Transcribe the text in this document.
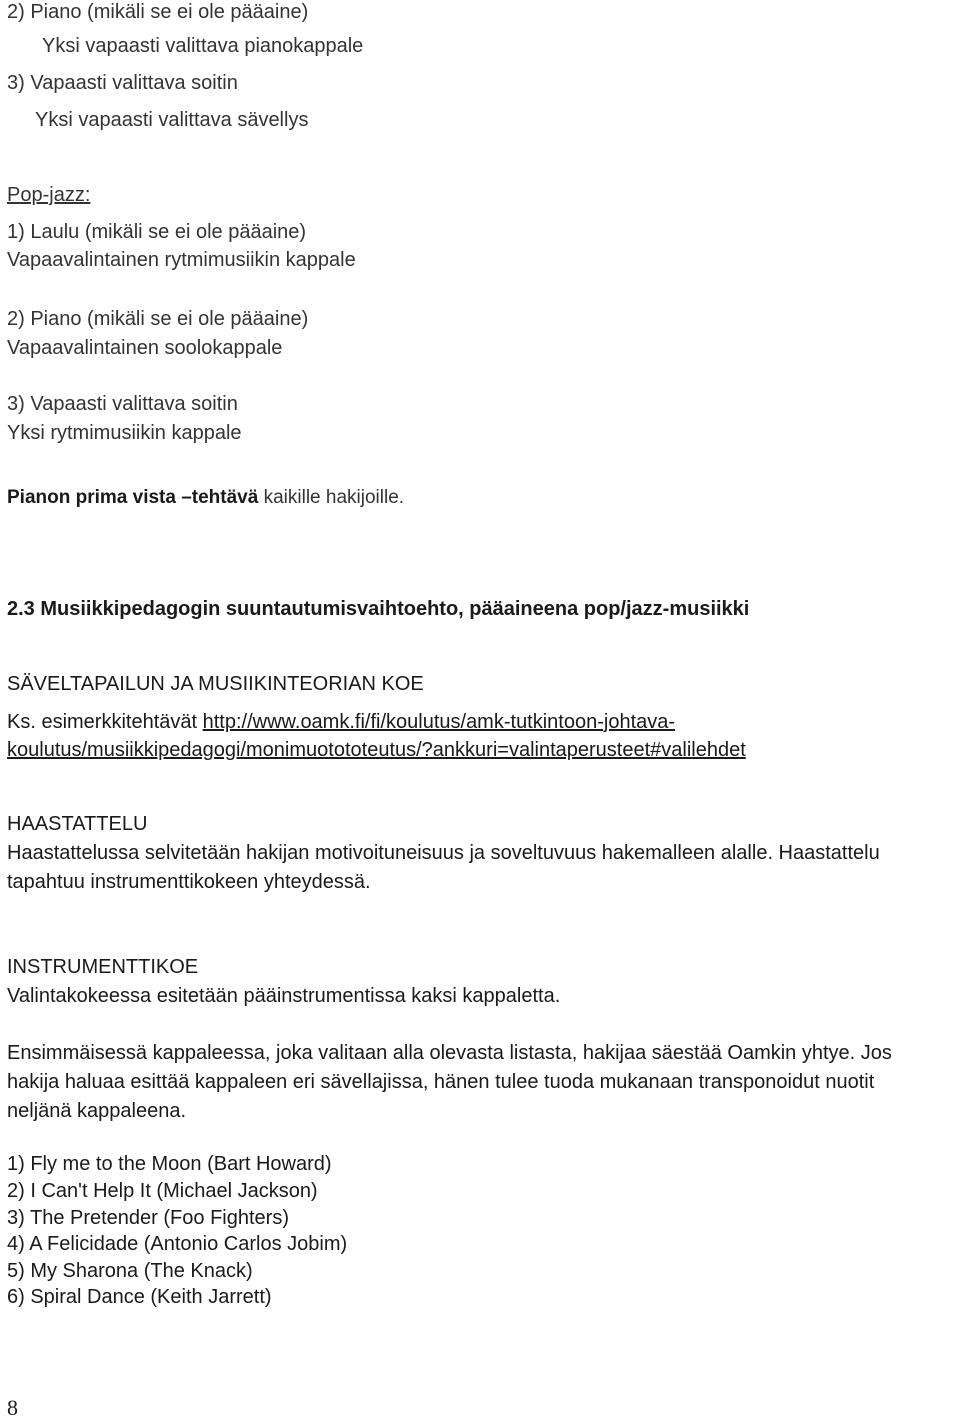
2) Piano (mikäli se ei ole pääaine)
Yksi vapaasti valittava pianokappale
3) Vapaasti valittava soitin
Yksi vapaasti valittava sävellys
Pop-jazz:
1) Laulu (mikäli se ei ole pääaine)
Vapaavalintainen rytmimusiikin kappale
2) Piano (mikäli se ei ole pääaine)
Vapaavalintainen soolokappale
3) Vapaasti valittava soitin
Yksi rytmimusiikin kappale
Pianon prima vista –tehtävä kaikille hakijoille.
2.3 Musiikkipedagogin suuntautumisvaihtoehto, pääaineena pop/jazz-musiikki
SÄVELTAPAILUN JA MUSIIKINTEORIAN KOE
Ks. esimerkkitehtävät http://www.oamk.fi/fi/koulutus/amk-tutkintoon-johtava-
koulutus/musiikkipedagogi/monimuotototeutus/?ankkuri=valintaperusteet#valilehdet
HAASTATTELU
Haastattelussa selvitetään hakijan motivoituneisuus ja soveltuvuus hakemalleen alalle. Haastattelu
tapahtuu instrumenttikokeen yhteydessä.
INSTRUMENTTIKOE
Valintakokeessa esitetään pääinstrumentissa kaksi kappaletta.
Ensimmäisessä kappaleessa, joka valitaan alla olevasta listasta, hakijaa säestää Oamkin yhtye. Jos
hakija haluaa esittää kappaleen eri sävellajissa, hänen tulee tuoda mukanaan transponoidut nuotit
neljänä kappaleena.
1) Fly me to the Moon (Bart Howard)
2) I Can't Help It (Michael Jackson)
3) The Pretender (Foo Fighters)
4) A Felicidade (Antonio Carlos Jobim)
5) My Sharona (The Knack)
6) Spiral Dance (Keith Jarrett)
8
